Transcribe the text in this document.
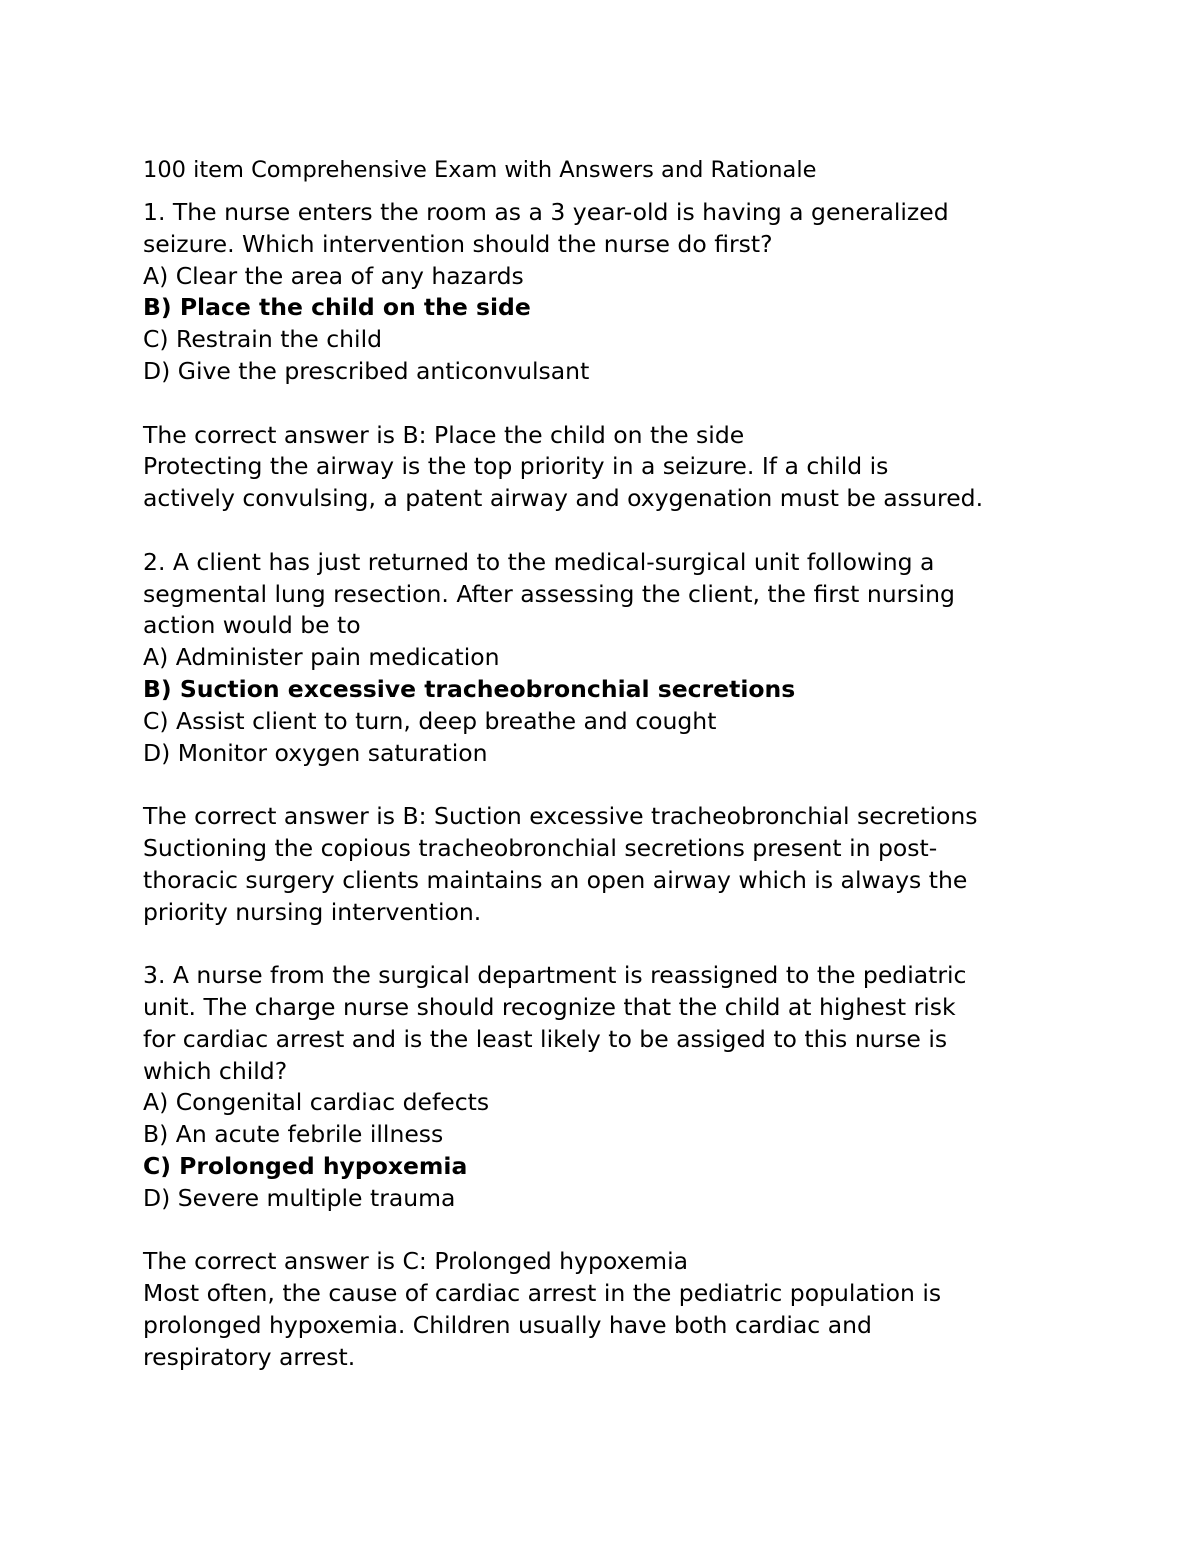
100 item Comprehensive Exam with Answers and Rationale
1. The nurse enters the room as a 3 year-old is having a generalized
seizure. Which intervention should the nurse do first?
A) Clear the area of any hazards
B) Place the child on the side
C) Restrain the child
D) Give the prescribed anticonvulsant
The correct answer is B: Place the child on the side
Protecting the airway is the top priority in a seizure. If a child is
actively convulsing, a patent airway and oxygenation must be assured.
2. A client has just returned to the medical-surgical unit following a
segmental lung resection. After assessing the client, the first nursing
action would be to
A) Administer pain medication
B) Suction excessive tracheobronchial secretions
C) Assist client to turn, deep breathe and cought
D) Monitor oxygen saturation
The correct answer is B: Suction excessive tracheobronchial secretions
Suctioning the copious tracheobronchial secretions present in post-
thoracic surgery clients maintains an open airway which is always the
priority nursing intervention.
3. A nurse from the surgical department is reassigned to the pediatric
unit. The charge nurse should recognize that the child at highest risk
for cardiac arrest and is the least likely to be assiged to this nurse is
which child?
A) Congenital cardiac defects
B) An acute febrile illness
C) Prolonged hypoxemia
D) Severe multiple trauma
The correct answer is C: Prolonged hypoxemia
Most often, the cause of cardiac arrest in the pediatric population is
prolonged hypoxemia. Children usually have both cardiac and
respiratory arrest.
